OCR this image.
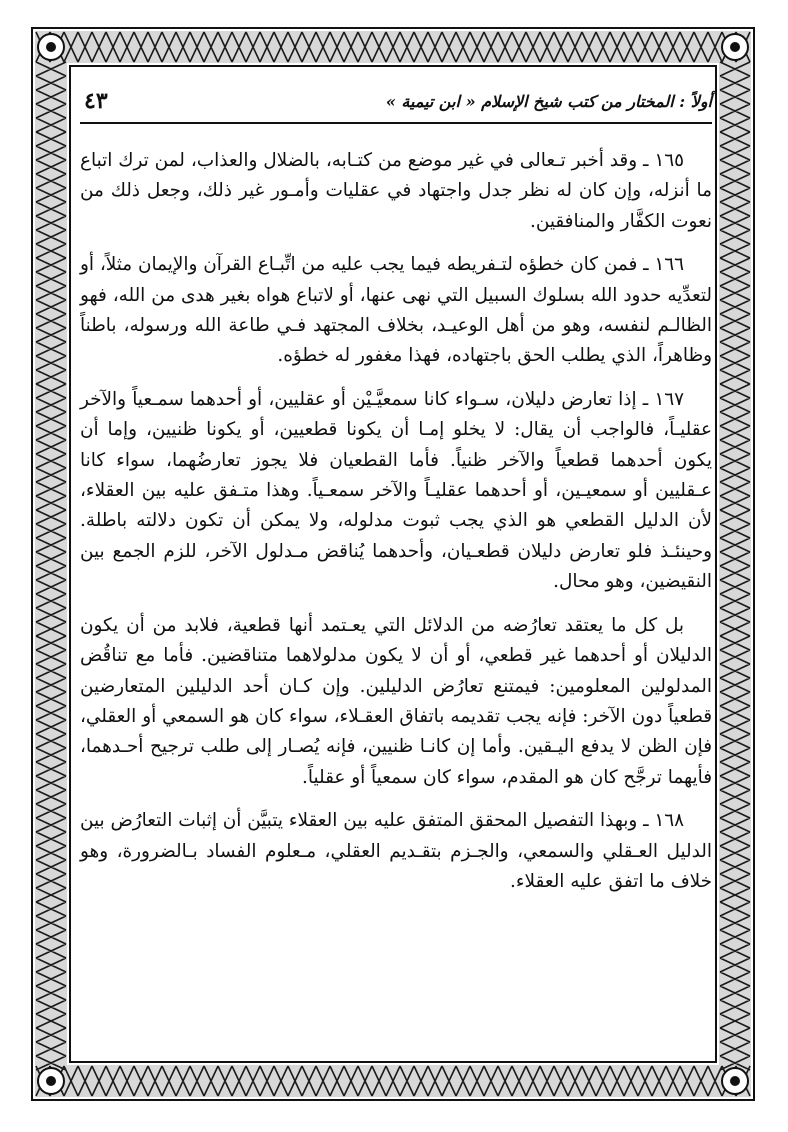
أولاً : المختار من كتب شيخ الإسلام « ابن تيمية »
٤٣

١٦٥ ـ وقد أخبر تـعالى في غير موضع من كتـابه، بالضلال والعذاب، لمن ترك اتباع ما أنزله، وإن كان له نظر جدل واجتهاد في عقليات وأمـور غير ذلك، وجعل ذلك من نعوت الكفَّار والمنافقين.

١٦٦ ـ فمن كان خطؤه لتـفريطه فيما يجب عليه من اتِّبـاع القرآن والإيمان مثلاً، أو لتعدِّيه حدود الله بسلوك السبيل التي نهى عنها، أو لاتباع هواه بغير هدى من الله، فهو الظالـم لنفسه، وهو من أهل الوعيـد، بخلاف المجتهد فـي طاعة الله ورسوله، باطناً وظاهراً، الذي يطلب الحق باجتهاده، فهذا مغفور له خطؤه.

١٦٧ ـ إذا تعارض دليلان، سـواء كانا سمعيَّـيْن أو عقليين، أو أحدهما سمـعياً والآخر عقليـاً، فالواجب أن يقال: لا يخلو إمـا أن يكونا قطعيين، أو يكونا ظنيين، وإما أن يكون أحدهما قطعياً والآخر ظنياً. فأما القطعيان فلا يجوز تعارضُهما، سواء كانا عـقليين أو سمعيـين، أو أحدهما عقليـاً والآخر سمعـياً. وهذا متـفق عليه بين العقلاء، لأن الدليل القطعي هو الذي يجب ثبوت مدلوله، ولا يمكن أن تكون دلالته باطلة. وحينئـذ فلو تعارض دليلان قطعـيان، وأحدهما يُناقض مـدلول الآخر، للزم الجمع بين النقيضين، وهو محال.

بل كل ما يعتقد تعارُضه من الدلائل التي يعـتمد أنها قطعية، فلابد من أن يكون الدليلان أو أحدهما غير قطعي، أو أن لا يكون مدلولاهما متناقضين. فأما مع تناقُض المدلولين المعلومين: فيمتنع تعارُض الدليلين. وإن كـان أحد الدليلين المتعارضين قطعياً دون الآخر: فإنه يجب تقديمه باتفاق العقـلاء، سواء كان هو السمعي أو العقلي، فإن الظن لا يدفع اليـقين. وأما إن كانـا ظنيين، فإنه يُصـار إلى طلب ترجيح أحـدهما، فأيهما ترجَّح كان هو المقدم، سواء كان سمعياً أو عقلياً.

١٦٨ ـ وبهذا التفصيل المحقق المتفق عليه بين العقلاء يتبيَّن أن إثبات التعارُض بين الدليل العـقلي والسمعي، والجـزم بتقـديم العقلي، مـعلوم الفساد بـالضرورة، وهو خلاف ما اتفق عليه العقلاء.
